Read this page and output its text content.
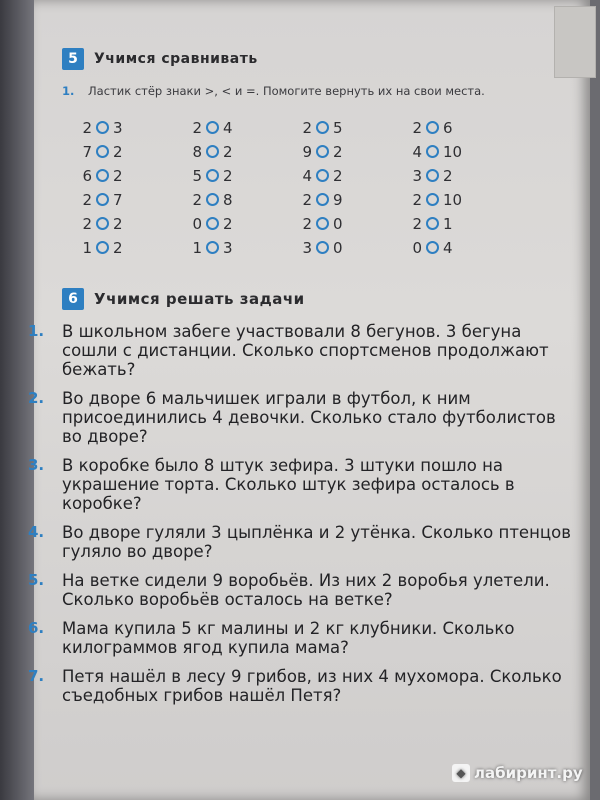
5	Учимся сравнивать
1. Ластик стёр знаки >, < и =. Помогите вернуть их на свои места.
2 3	2 4	2 5	2 6
7 2	8 2	9 2	4 10
6 2	5 2	4 2	3 2
2 7	2 8	2 9	2 10
2 2	0 2	2 0	2 1
1 2	1 3	3 0	0 4
6	Учимся решать задачи
1.	В школьном забеге участвовали 8 бегунов. 3 бегуна сошли с дистанции. Сколько спортсменов продолжают бежать?
2.	Во дворе 6 мальчишек играли в футбол, к ним присоединились 4 девочки. Сколько стало футболистов во дворе?
3.	В коробке было 8 штук зефира. 3 штуки пошло на украшение торта. Сколько штук зефира осталось в коробке?
4.	Во дворе гуляли 3 цыплёнка и 2 утёнка. Сколько птенцов гуляло во дворе?
5.	На ветке сидели 9 воробьёв. Из них 2 воробья улетели. Сколько воробьёв осталось на ветке?
6.	Мама купила 5 кг малины и 2 кг клубники. Сколько килограммов ягод купила мама?
7.	Петя нашёл в лесу 9 грибов, из них 4 мухомора. Сколько съедобных грибов нашёл Петя?
◆ лабиринт.ру
